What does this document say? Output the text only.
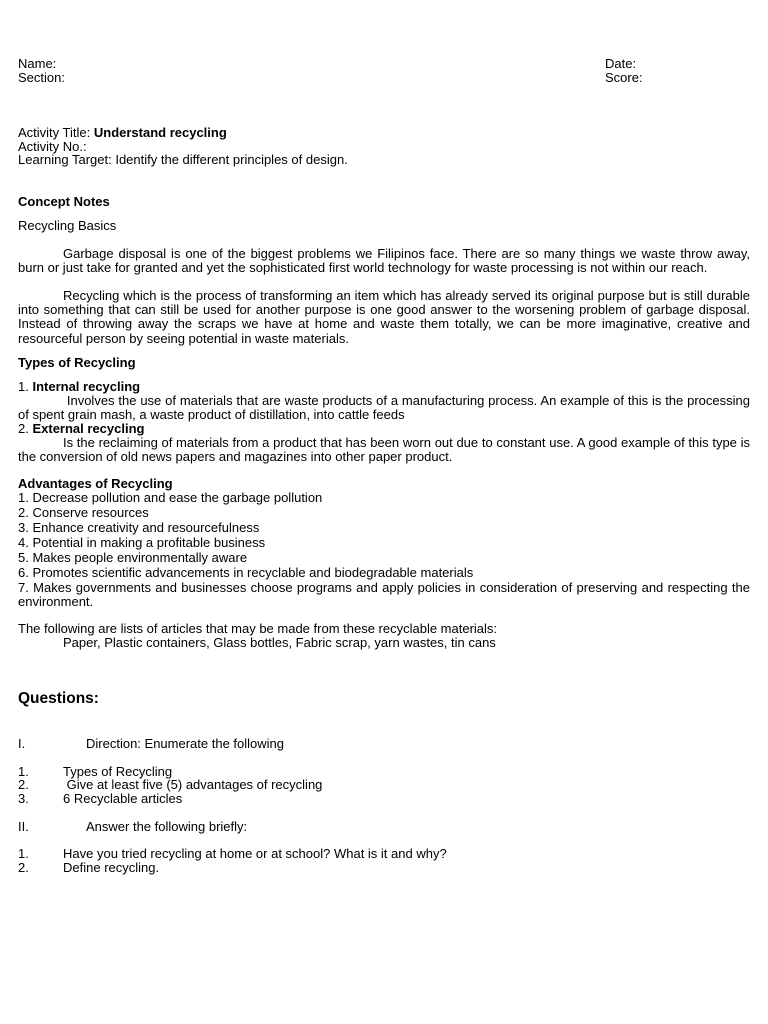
Name:	Date:
Section:	Score:
Activity Title: Understand recycling
Activity No.:
Learning Target: Identify the different principles of design.
Concept Notes
Recycling Basics
Garbage disposal is one of the biggest problems we Filipinos face. There are so many things we waste throw away, burn or just take for granted and yet the sophisticated first world technology for waste processing is not within our reach.
Recycling which is the process of transforming an item which has already served its original purpose but is still durable into something that can still be used for another purpose is one good answer to the worsening problem of garbage disposal. Instead of throwing away the scraps we have at home and waste them totally, we can be more imaginative, creative and resourceful person by seeing potential in waste materials.
Types of Recycling
1. Internal recycling
Involves the use of materials that are waste products of a manufacturing process. An example of this is the processing of spent grain mash, a waste product of distillation, into cattle feeds
2. External recycling
Is the reclaiming of materials from a product that has been worn out due to constant use. A good example of this type is the conversion of old news papers and magazines into other paper product.
Advantages of Recycling
1. Decrease pollution and ease the garbage pollution
2. Conserve resources
3. Enhance creativity and resourcefulness
4. Potential in making a profitable business
5. Makes people environmentally aware
6. Promotes scientific advancements in recyclable and biodegradable materials
7. Makes governments and businesses choose programs and apply policies in consideration of preserving and respecting the environment.
The following are lists of articles that may be made from these recyclable materials:
Paper, Plastic containers, Glass bottles, Fabric scrap, yarn wastes, tin cans
Questions:
I.	Direction: Enumerate the following
1.	Types of Recycling
2.	Give at least five (5) advantages of recycling
3.	6 Recyclable articles
II.	Answer the following briefly:
1.	Have you tried recycling at home or at school? What is it and why?
2.	Define recycling.
